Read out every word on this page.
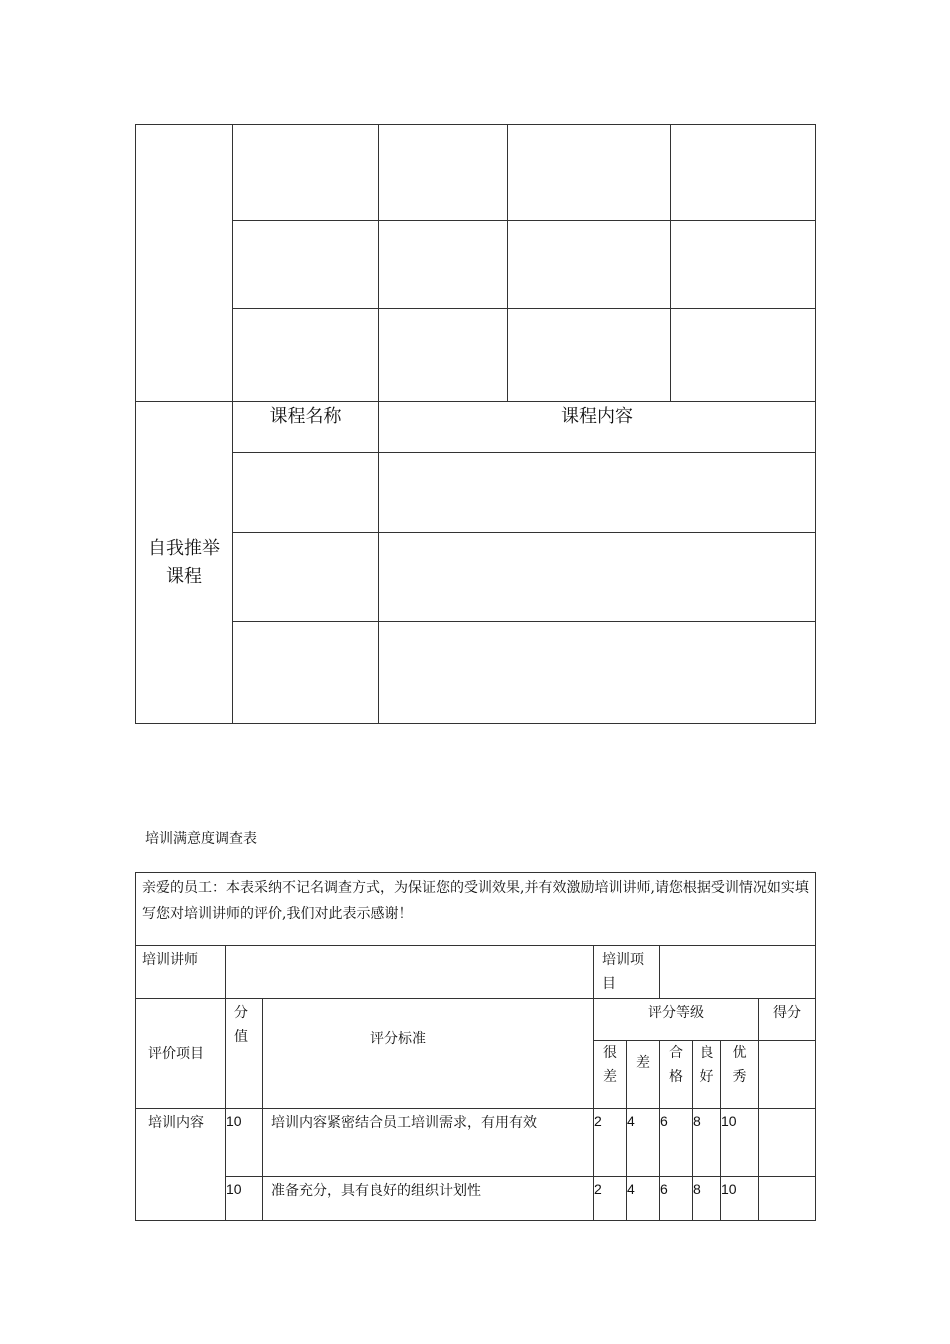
自我推举课程	课程名称	课程内容		

培训满意度调查表
亲爱的员工：本表采纳不记名调查方式，为保证您的受训效果,并有效激励培训讲师,请您根据受训情况如实填写您对培训讲师的评价,我们对此表示感谢！								

培训讲师			培训项目					
评价项目	分值	评分标准	评分等级					得分

			很差	差	合格	良好	优秀	

培训内容	10	培训内容紧密结合员工培训需求，有用有效	2	4	6	8	10	
	10	准备充分，具有良好的组织计划性	2	4	6	8	10	
